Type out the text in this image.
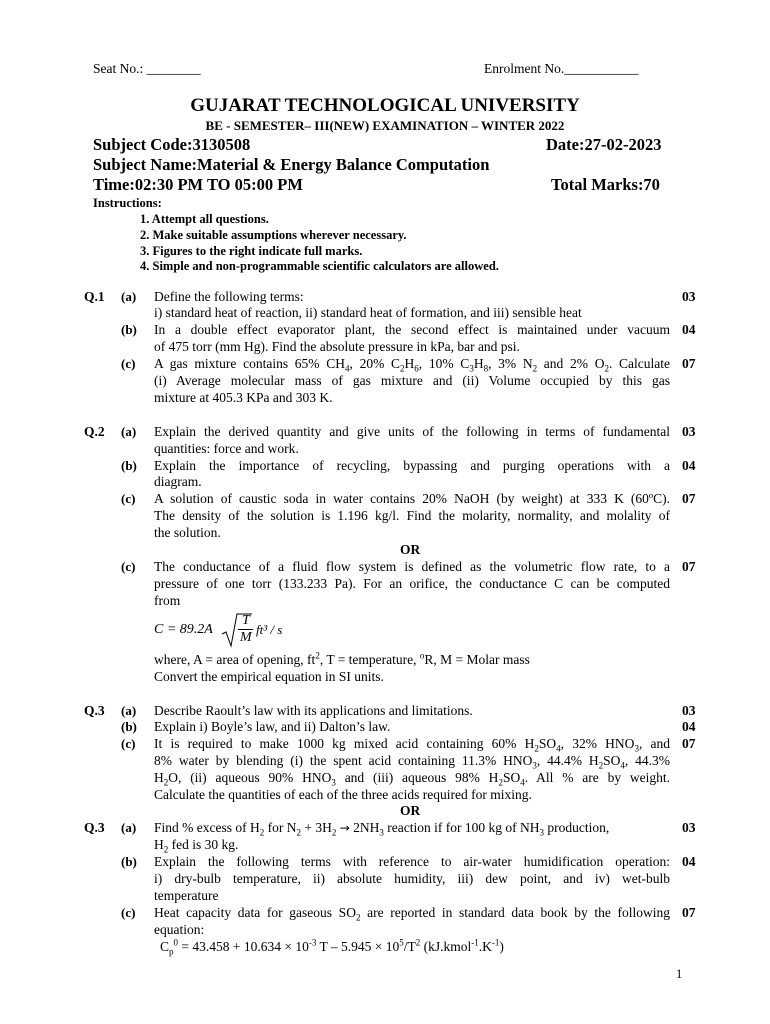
Seat No.: ________	Enrolment No.___________
GUJARAT TECHNOLOGICAL UNIVERSITY
BE - SEMESTER– III(NEW) EXAMINATION – WINTER 2022
Subject Code:3130508	Date:27-02-2023
Subject Name:Material & Energy Balance Computation
Time:02:30 PM TO 05:00 PM	Total Marks:70
Instructions:
1. Attempt all questions.
2. Make suitable assumptions wherever necessary.
3. Figures to the right indicate full marks.
4. Simple and non-programmable scientific calculators are allowed.
Q.1 (a) Define the following terms:
i) standard heat of reaction, ii) standard heat of formation, and iii) sensible heat
03
(b) In a double effect evaporator plant, the second effect is maintained under vacuum
of 475 torr (mm Hg). Find the absolute pressure in kPa, bar and psi.
04
(c) A gas mixture contains 65% $CH_4$, 20% $C_2H_6$, 10% $C_3H_8$, 3% $N_2$ and 2% $O_2$. Calculate
(i) Average molecular mass of gas mixture and (ii) Volume occupied by this gas
mixture at 405.3 KPa and 303 K.
07
Q.2 (a) Explain the derived quantity and give units of the following in terms of fundamental
quantities: force and work.
03
(b) Explain the importance of recycling, bypassing and purging operations with a
diagram.
04
(c) A solution of caustic soda in water contains 20% NaOH (by weight) at 333 K (60ºC).
The density of the solution is 1.196 kg/l. Find the molarity, normality, and molality of
the solution.
07
OR
(c) The conductance of a fluid flow system is defined as the volumetric flow rate, to a
pressure of one torr (133.233 Pa). For an orifice, the conductance C can be computed
from
07
C = 89.2A
T
M
ft³ / s
where, A = area of opening, $ft^2$, T = temperature, $^o$R, M = Molar mass
Convert the empirical equation in SI units.
Q.3 (a) Describe Raoult’s law with its applications and limitations.	03
(b) Explain i) Boyle’s law, and ii) Dalton’s law.	04
(c) It is required to make 1000 kg mixed acid containing 60% $H_2SO_4$, 32% $HNO_3$, and
8% water by blending (i) the spent acid containing 11.3% $HNO_3$, 44.4% $H_2SO_4$, 44.3%
$H_2O$, (ii) aqueous 90% $HNO_3$ and (iii) aqueous 98% $H_2SO_4$. All % are by weight.
Calculate the quantities of each of the three acids required for mixing.
07
OR
Q.3 (a) Find % excess of $H_2$ for $N_2 + 3H_2 \to 2NH_3$ reaction if for 100 kg of $NH_3$ production,
$H_2$ fed is 30 kg.
03
(b) Explain the following terms with reference to air-water humidification operation:
i) dry-bulb temperature, ii) absolute humidity, iii) dew point, and iv) wet-bulb
temperature
04
(c) Heat capacity data for gaseous $SO_2$ are reported in standard data book by the following
equation:
$C_p^0 = 43.458 + 10.634 \times 10^{-3}$ $T - 5.945 \times 10^5/T^2$ $(kJ.kmol^{-1}.K^{-1})$
07
1
